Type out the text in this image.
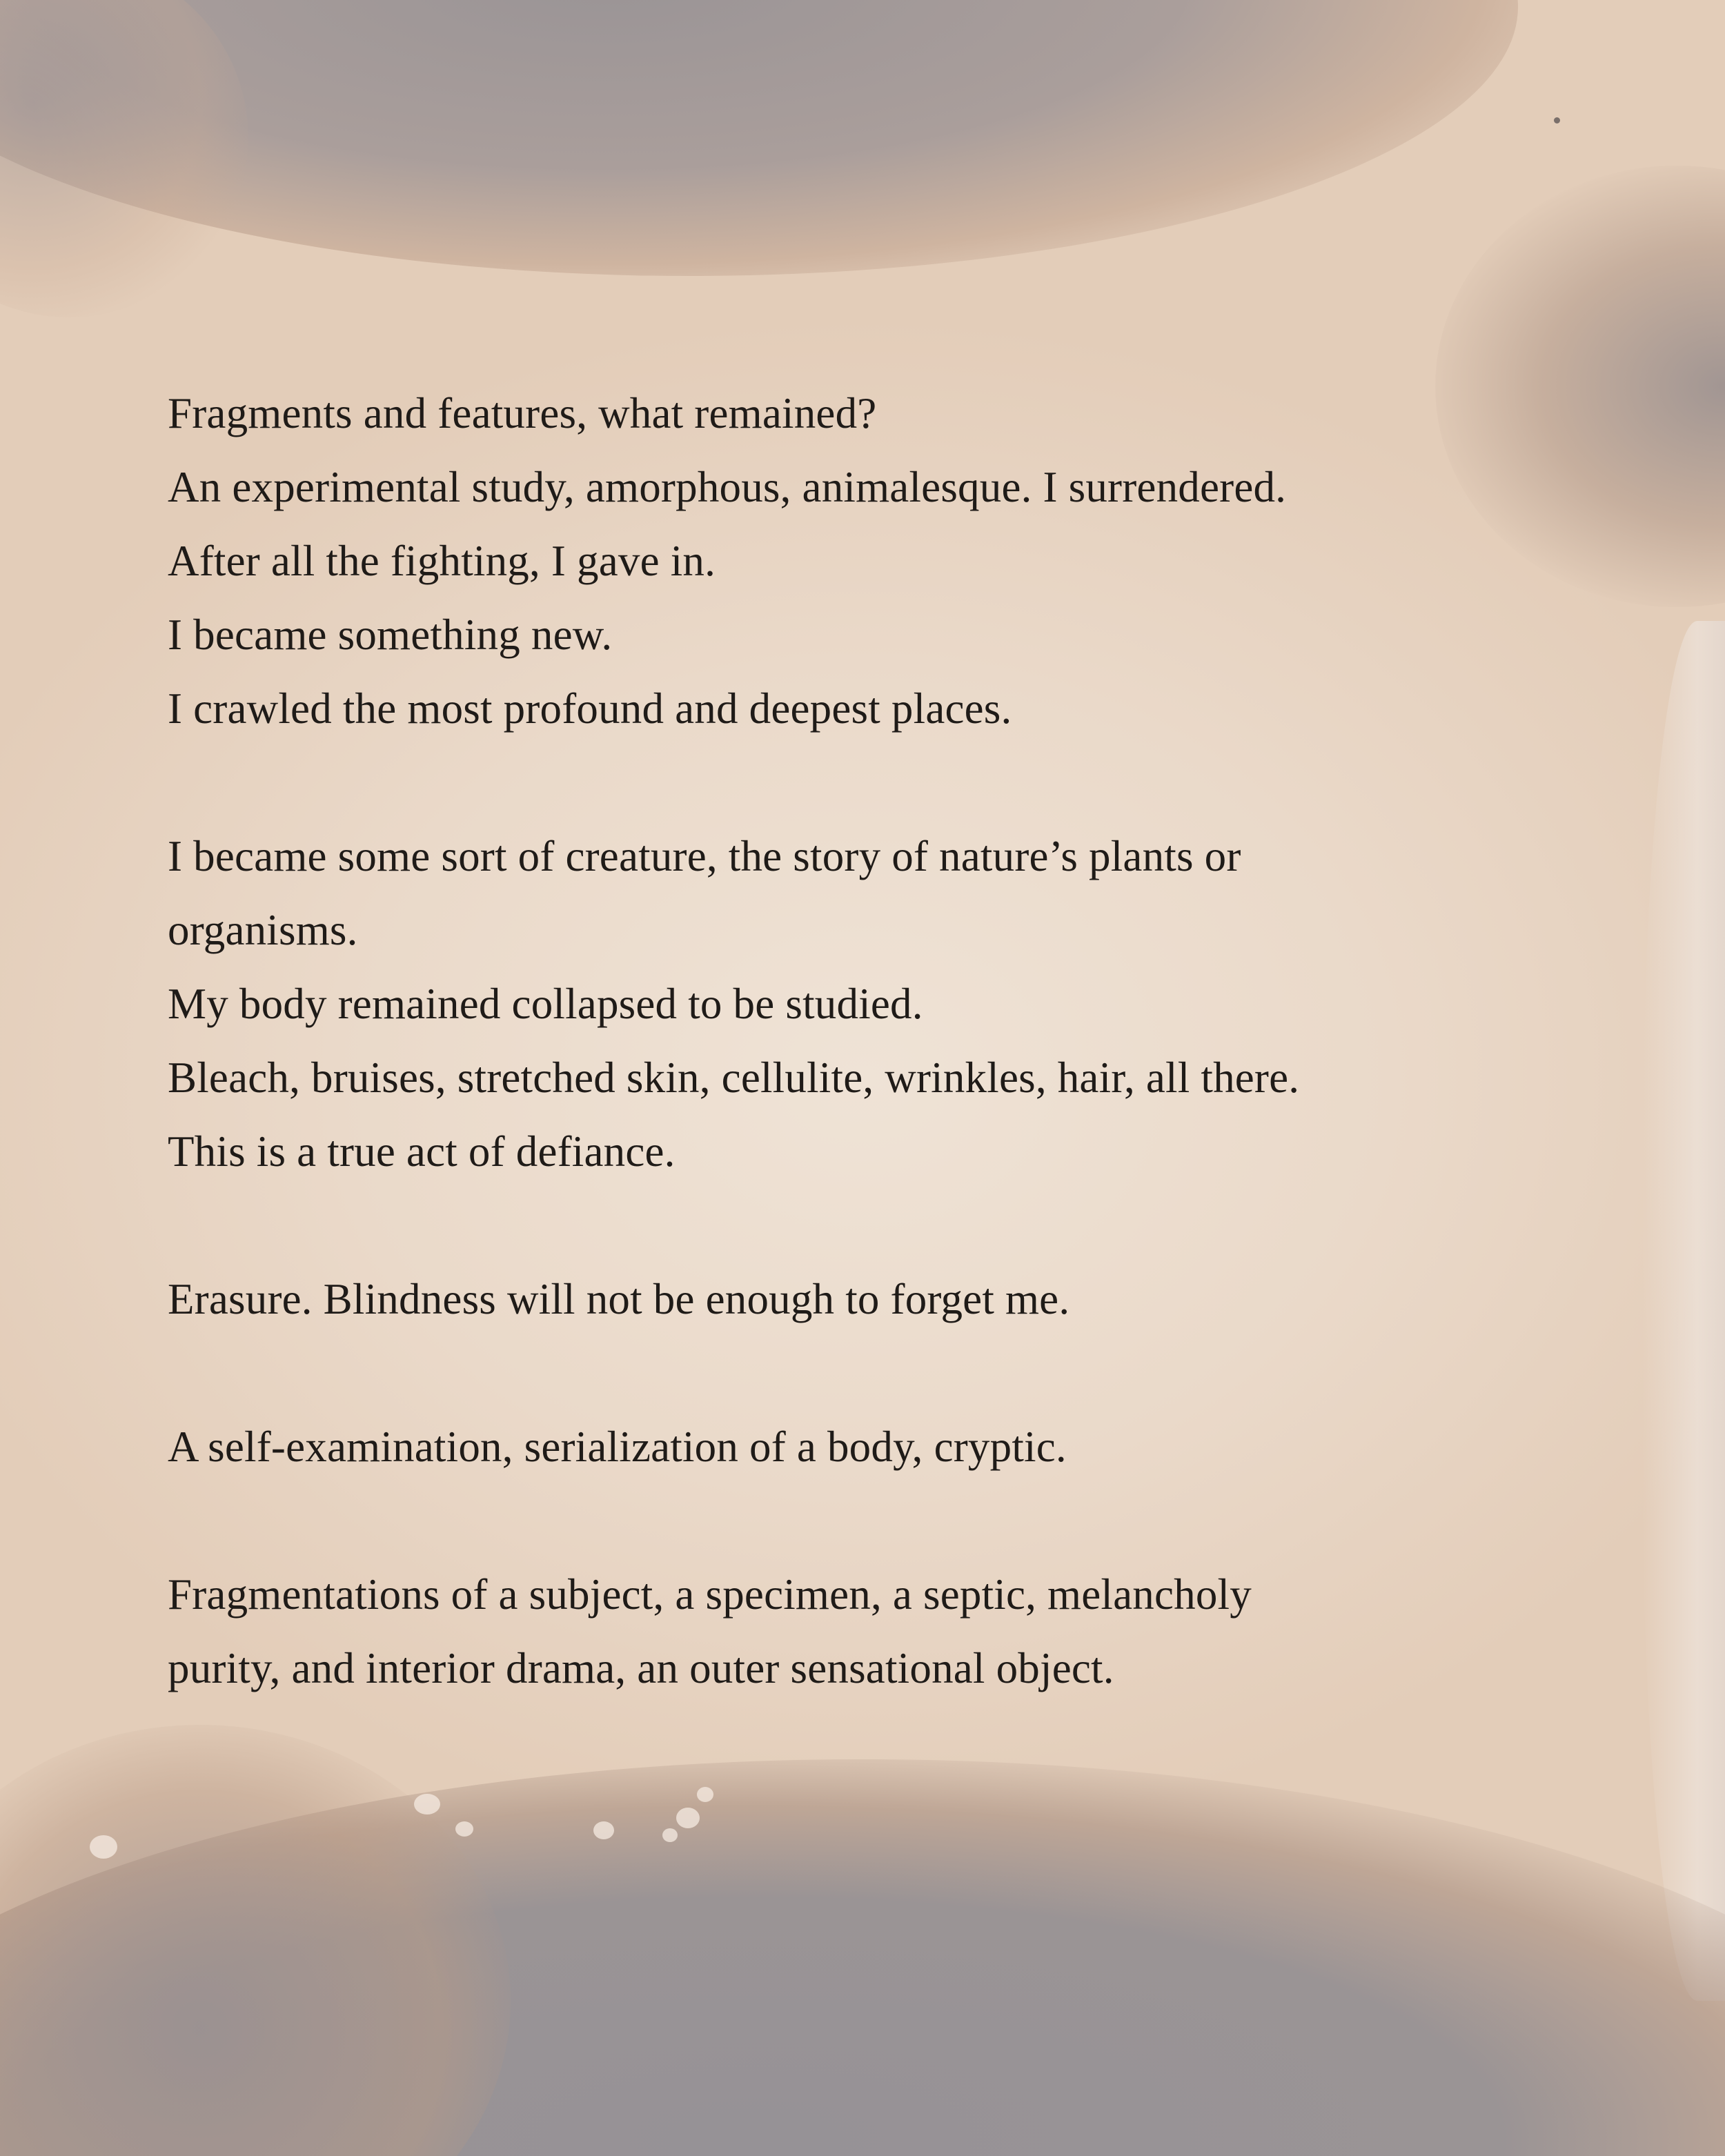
Fragments and features, what remained?
An experimental study, amorphous, animalesque. I surrendered.
After all the fighting, I gave in.
I became something new.
I crawled the most profound and deepest places.
I became some sort of creature, the story of nature’s plants or
organisms.
My body remained collapsed to be studied.
Bleach, bruises, stretched skin, cellulite, wrinkles, hair, all there.
This is a true act of defiance.
Erasure. Blindness will not be enough to forget me.
A self-examination, serialization of a body, cryptic.
Fragmentations of a subject, a specimen, a septic, melancholy
purity, and interior drama, an outer sensational object.
